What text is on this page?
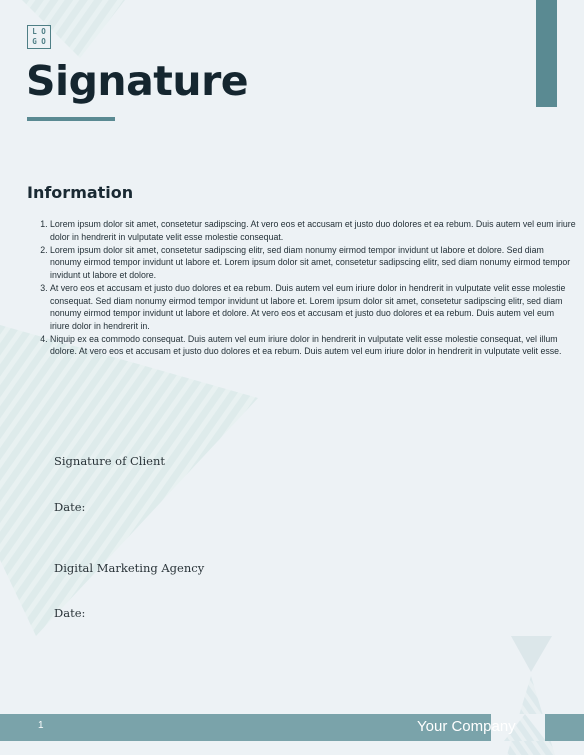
L O
G O
Signature
Information
1. Lorem ipsum dolor sit amet, consetetur sadipscing. At vero eos et accusam et justo duo dolores et ea rebum. Duis autem vel eum iriure dolor in hendrerit in vulputate velit esse molestie consequat.
2. Lorem ipsum dolor sit amet, consetetur sadipscing elitr, sed diam nonumy eirmod tempor invidunt ut labore et dolore. Sed diam nonumy eirmod tempor invidunt ut labore et. Lorem ipsum dolor sit amet, consetetur sadipscing elitr, sed diam nonumy eirmod tempor invidunt ut labore et dolore.
3. At vero eos et accusam et justo duo dolores et ea rebum. Duis autem vel eum iriure dolor in hendrerit in vulputate velit esse molestie consequat. Sed diam nonumy eirmod tempor invidunt ut labore et. Lorem ipsum dolor sit amet, consetetur sadipscing elitr, sed diam nonumy eirmod tempor invidunt ut labore et dolore. At vero eos et accusam et justo duo dolores et ea rebum. Duis autem vel eum iriure dolor in hendrerit in.
4. Niquip ex ea commodo consequat. Duis autem vel eum iriure dolor in hendrerit in vulputate velit esse molestie consequat, vel illum dolore. At vero eos et accusam et justo duo dolores et ea rebum. Duis autem vel eum iriure dolor in hendrerit in vulputate velit esse.

Signature of Client

Date:

Digital Marketing Agency

Date:

1	Your Company
